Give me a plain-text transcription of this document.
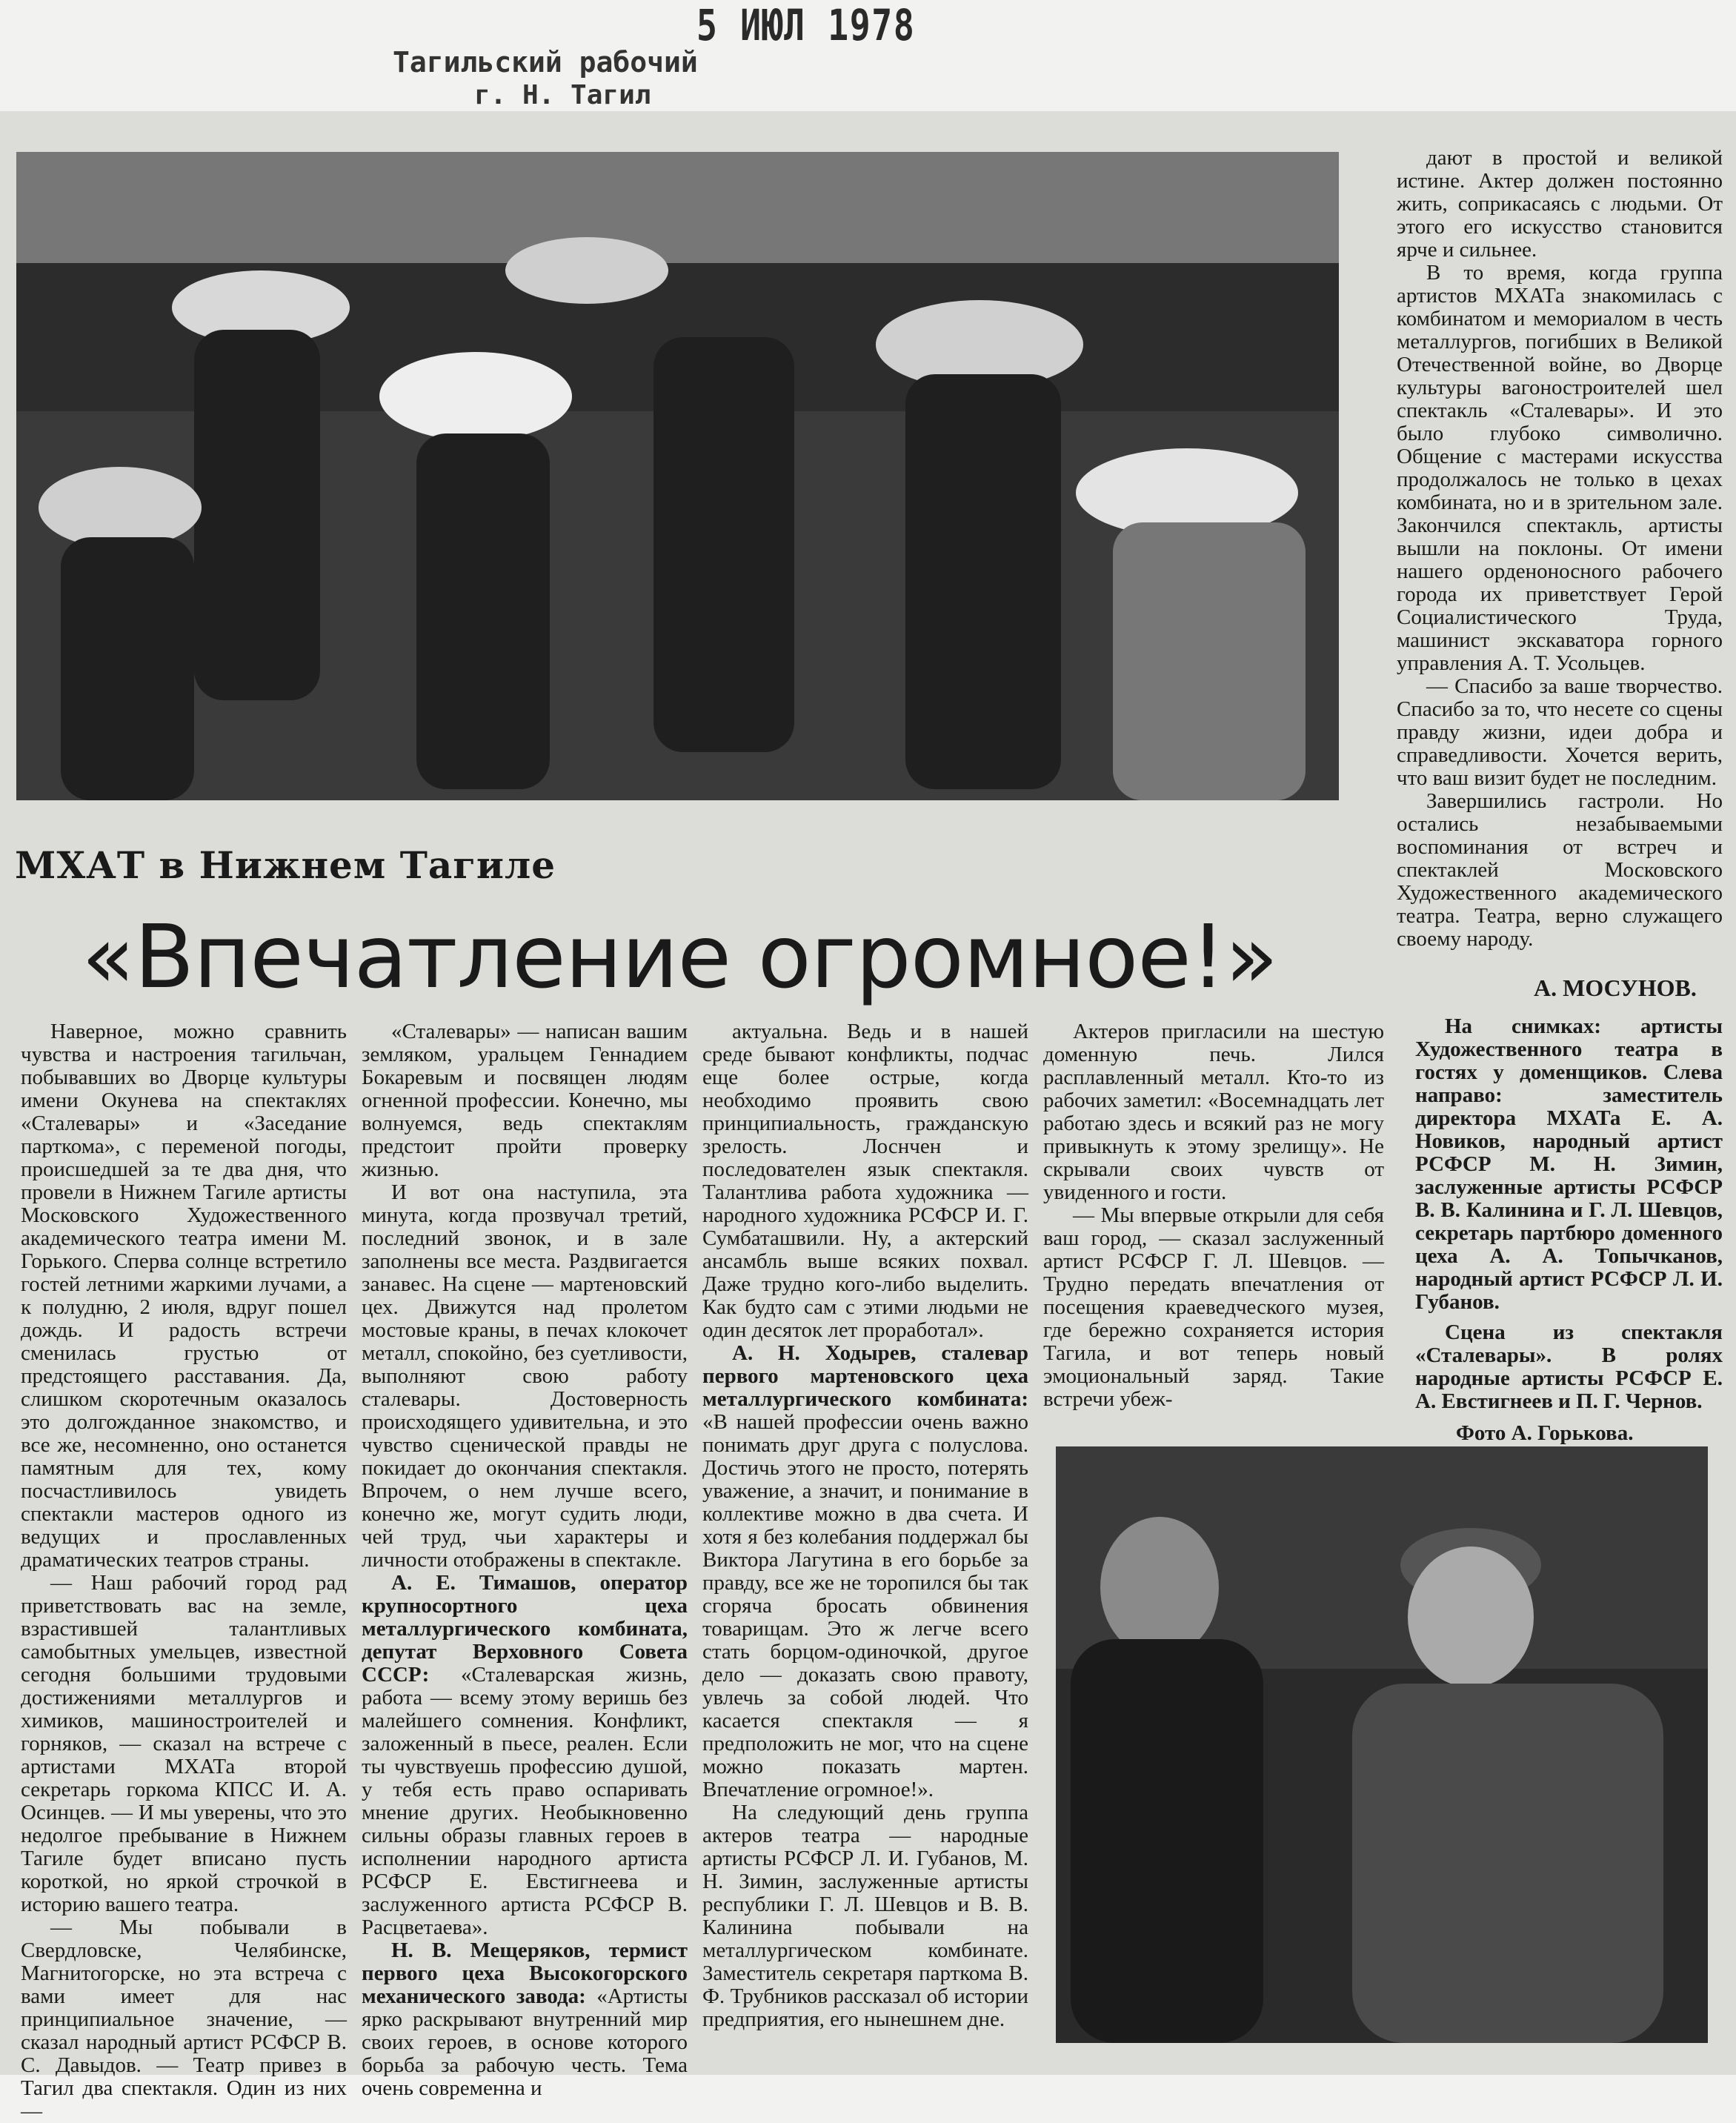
5 ИЮЛ 1978
Тагильский рабочий
г. Н. Тагил
МХАТ в Нижнем Тагиле
«Впечатление огромное!»

Наверное, можно сравнить чувства и настроения тагильчан, побывавших во Дворце культуры имени Окунева на спектаклях «Сталевары» и «Заседание парткома», с переменой погоды, происшедшей за те два дня, что провели в Нижнем Тагиле артисты Московского Художественного академического театра имени М. Горького. Сперва солнце встретило гостей летними жаркими лучами, а к полудню, 2 июля, вдруг пошел дождь. И радость встречи сменилась грустью от предстоящего расставания. Да, слишком скоротечным оказалось это долгожданное знакомство, и все же, несомненно, оно останется памятным для тех, кому посчастливилось увидеть спектакли мастеров одного из ведущих и прославленных драматических театров страны.

— Наш рабочий город рад приветствовать вас на земле, взрастившей талантливых самобытных умельцев, известной сегодня большими трудовыми достижениями металлургов и химиков, машиностроителей и горняков, — сказал на встрече с артистами МХАТа второй секретарь горкома КПСС И. А. Осинцев. — И мы уверены, что это недолгое пребывание в Нижнем Тагиле будет вписано пусть короткой, но яркой строчкой в историю вашего театра.

— Мы побывали в Свердловске, Челябинске, Магнитогорске, но эта встреча с вами имеет для нас принципиальное значение, — сказал народный артист РСФСР В. С. Давыдов. — Театр привез в Тагил два спектакля. Один из них —

«Сталевары» — написан вашим земляком, уральцем Геннадием Бокаревым и посвящен людям огненной профессии. Конечно, мы волнуемся, ведь спектаклям предстоит пройти проверку жизнью.

И вот она наступила, эта минута, когда прозвучал третий, последний звонок, и в зале заполнены все места. Раздвигается занавес. На сцене — мартеновский цех. Движутся над пролетом мостовые краны, в печах клокочет металл, спокойно, без суетливости, выполняют свою работу сталевары. Достоверность происходящего удивительна, и это чувство сценической правды не покидает до окончания спектакля. Впрочем, о нем лучше всего, конечно же, могут судить люди, чей труд, чьи характеры и личности отображены в спектакле.

А. Е. Тимашов, оператор крупносортного цеха металлургического комбината, депутат Верховного Совета СССР: «Сталеварская жизнь, работа — всему этому веришь без малейшего сомнения. Конфликт, заложенный в пьесе, реален. Если ты чувствуешь профессию душой, у тебя есть право оспаривать мнение других. Необыкновенно сильны образы главных героев в исполнении народного артиста РСФСР Е. Евстигнеева и заслуженного артиста РСФСР В. Расцветаева».

Н. В. Мещеряков, термист первого цеха Высокогорского механического завода: «Артисты ярко раскрывают внутренний мир своих героев, в основе которого борьба за рабочую честь. Тема очень современна и

актуальна. Ведь и в нашей среде бывают конфликты, подчас еще более острые, когда необходимо проявить свою принципиальность, гражданскую зрелость. Лоснчен и последователен язык спектакля. Талантлива работа художника — народного художника РСФСР И. Г. Сумбаташвили. Ну, а актерский ансамбль выше всяких похвал. Даже трудно кого-либо выделить. Как будто сам с этими людьми не один десяток лет проработал».

А. Н. Ходырев, сталевар первого мартеновского цеха металлургического комбината: «В нашей профессии очень важно понимать друг друга с полуслова. Достичь этого не просто, потерять уважение, а значит, и понимание в коллективе можно в два счета. И хотя я без колебания поддержал бы Виктора Лагутина в его борьбе за правду, все же не торопился бы так сгоряча бросать обвинения товарищам. Это ж легче всего стать борцом-одиночкой, другое дело — доказать свою правоту, увлечь за собой людей. Что касается спектакля — я предположить не мог, что на сцене можно показать мартен. Впечатление огромное!».

На следующий день группа актеров театра — народные артисты РСФСР Л. И. Губанов, М. Н. Зимин, заслуженные артисты республики Г. Л. Шевцов и В. В. Калинина побывали на металлургическом комбинате. Заместитель секретаря парткома В. Ф. Трубников рассказал об истории предприятия, его нынешнем дне.

Актеров пригласили на шестую доменную печь. Лился расплавленный металл. Кто-то из рабочих заметил: «Восемнадцать лет работаю здесь и всякий раз не могу привыкнуть к этому зрелищу». Не скрывали своих чувств от увиденного и гости.

— Мы впервые открыли для себя ваш город, — сказал заслуженный артист РСФСР Г. Л. Шевцов. — Трудно передать впечатления от посещения краеведческого музея, где бережно сохраняется история Тагила, и вот теперь новый эмоциональный заряд. Такие встречи убеж-

дают в простой и великой истине. Актер должен постоянно жить, соприкасаясь с людьми. От этого его искусство становится ярче и сильнее.

В то время, когда группа артистов МХАТа знакомилась с комбинатом и мемориалом в честь металлургов, погибших в Великой Отечественной войне, во Дворце культуры вагоностроителей шел спектакль «Сталевары». И это было глубоко символично. Общение с мастерами искусства продолжалось не только в цехах комбината, но и в зрительном зале. Закончился спектакль, артисты вышли на поклоны. От имени нашего орденоносного рабочего города их приветствует Герой Социалистического Труда, машинист экскаватора горного управления А. Т. Усольцев.

— Спасибо за ваше творчество. Спасибо за то, что несете со сцены правду жизни, идеи добра и справедливости. Хочется верить, что ваш визит будет не последним.

Завершились гастроли. Но остались незабываемыми воспоминания от встреч и спектаклей Московского Художественного академического театра. Театра, верно служащего своему народу.

А. МОСУНОВ.

На снимках: артисты Художественного театра в гостях у доменщиков. Слева направо: заместитель директора МХАТа Е. А. Новиков, народный артист РСФСР М. Н. Зимин, заслуженные артисты РСФСР В. В. Калинина и Г. Л. Шевцов, секретарь партбюро доменного цеха А. А. Топычканов, народный артист РСФСР Л. И. Губанов.

Сцена из спектакля «Сталевары». В ролях народные артисты РСФСР Е. А. Евстигнеев и П. Г. Чернов.

Фото А. Горькова.
